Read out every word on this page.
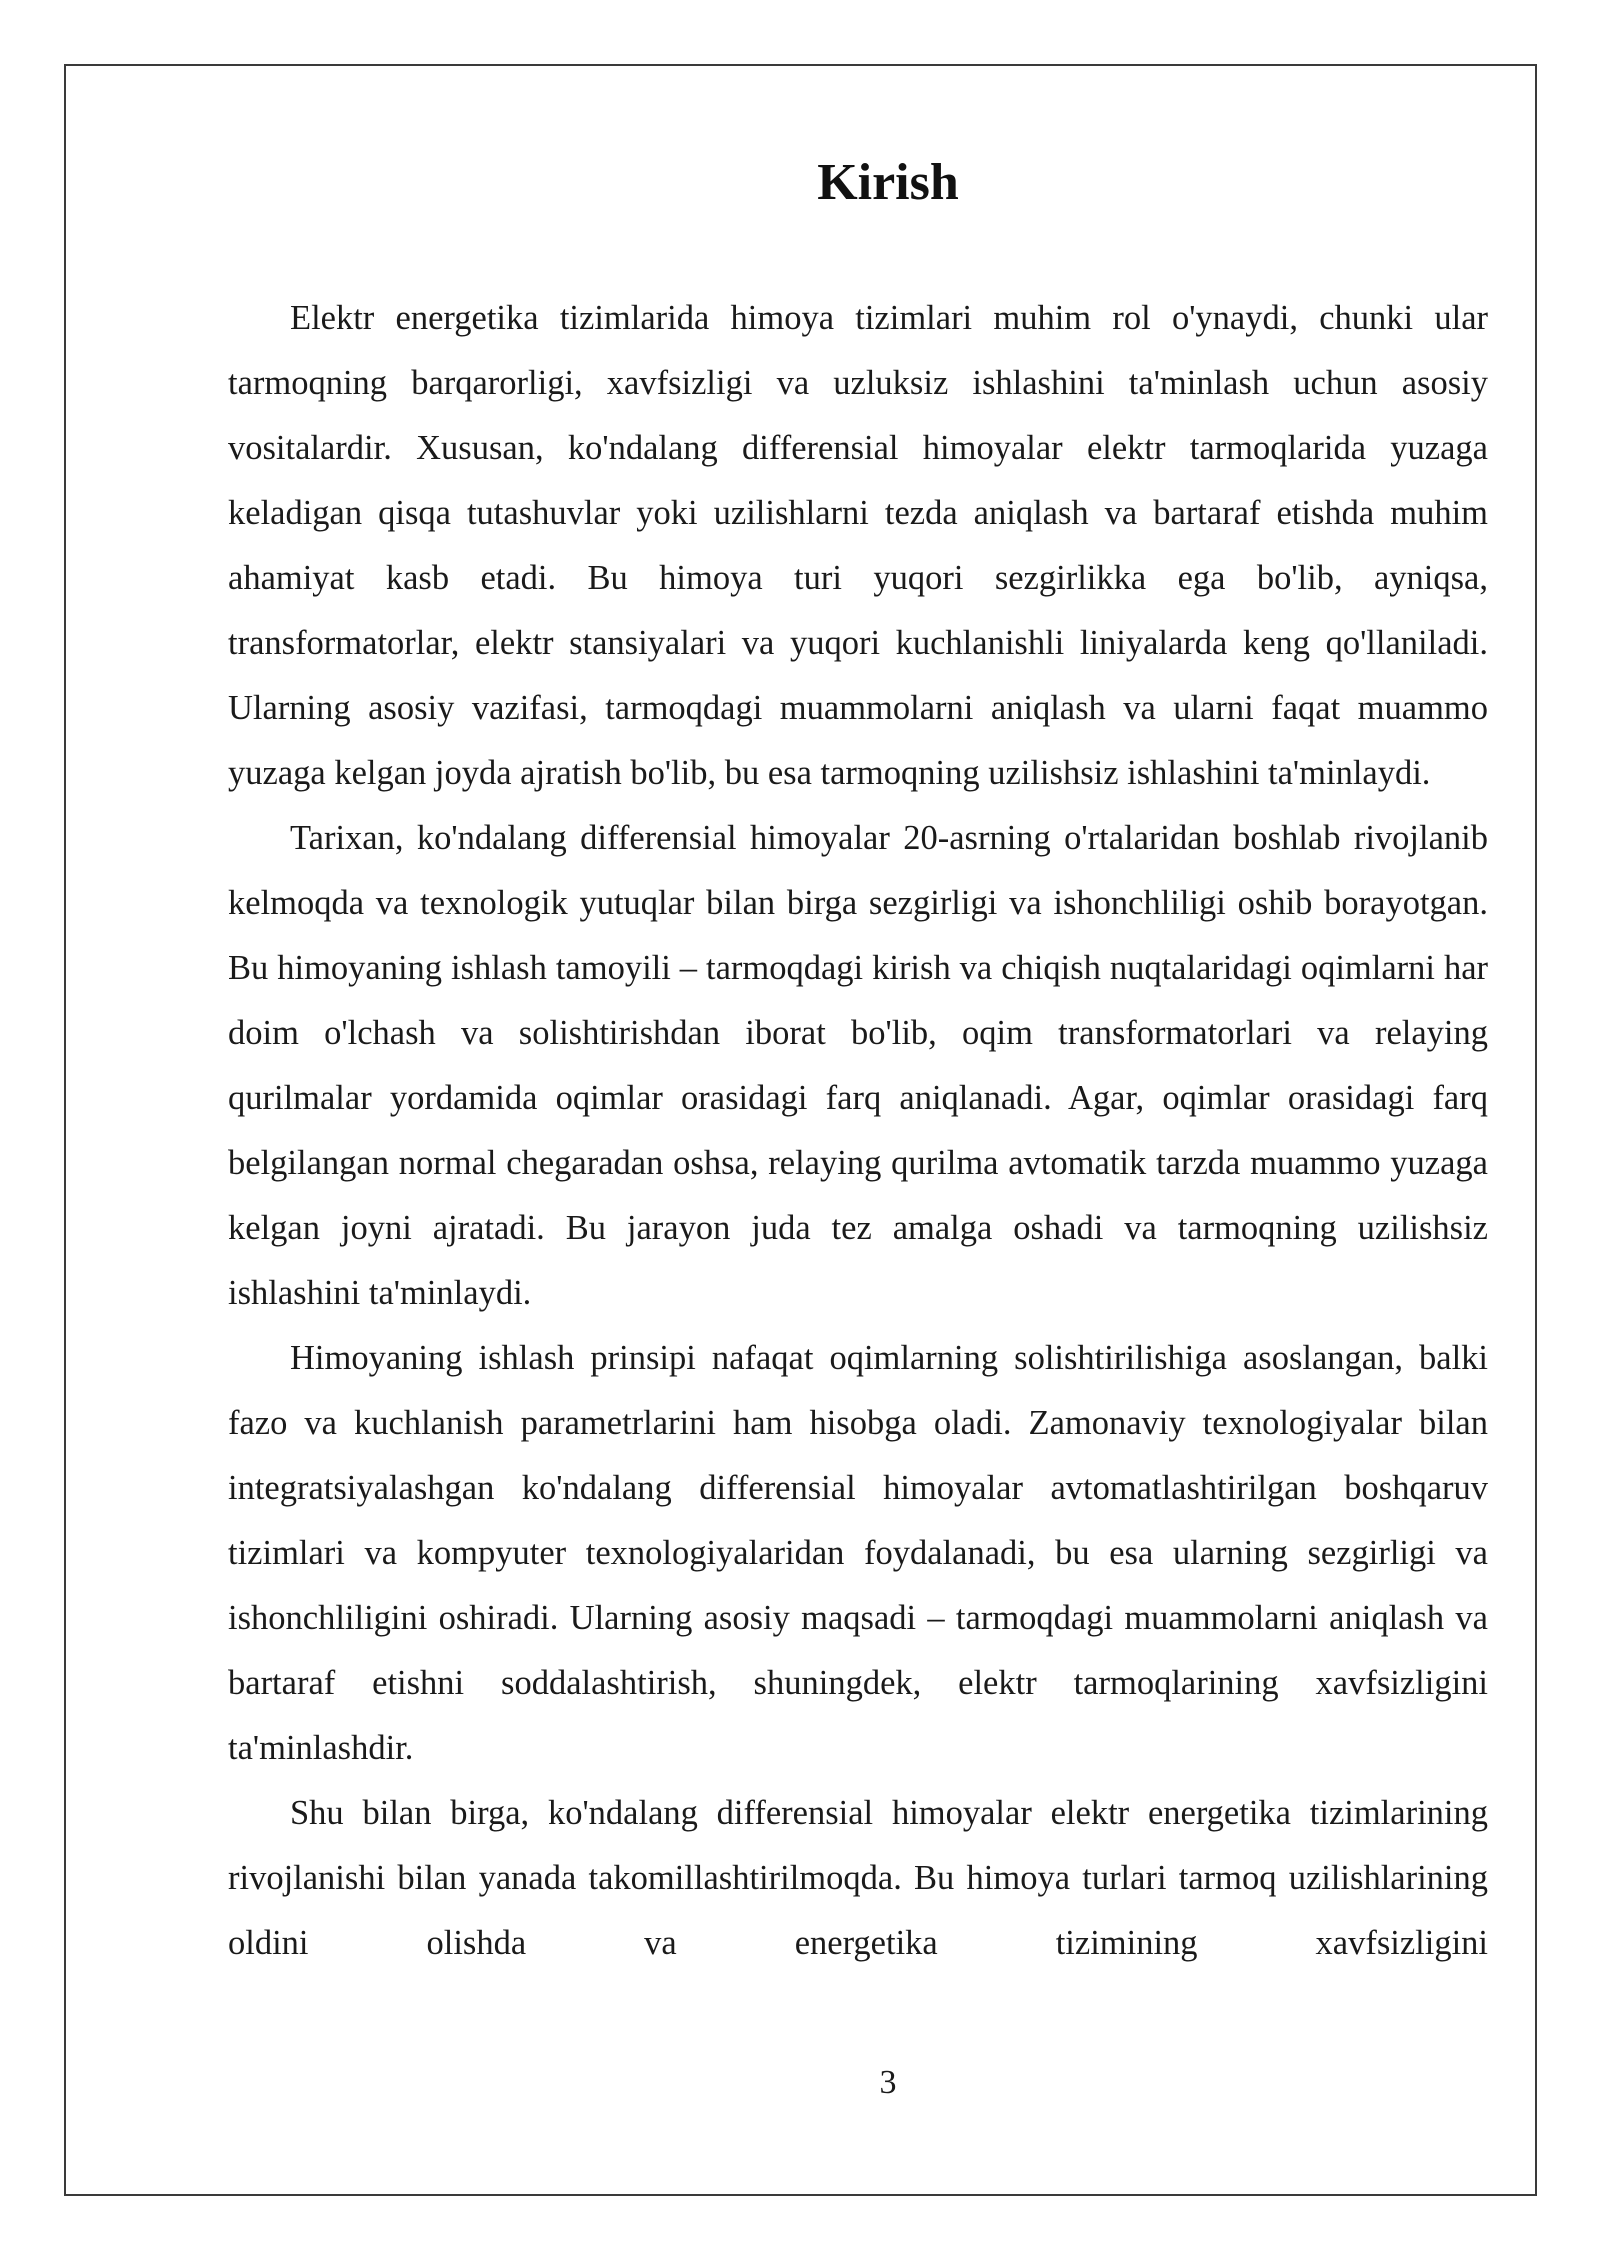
Kirish

Elektr energetika tizimlarida himoya tizimlari muhim rol o'ynaydi, chunki ular tarmoqning barqarorligi, xavfsizligi va uzluksiz ishlashini ta'minlash uchun asosiy vositalardir. Xususan, ko'ndalang differensial himoyalar elektr tarmoqlarida yuzaga keladigan qisqa tutashuvlar yoki uzilishlarni tezda aniqlash va bartaraf etishda muhim ahamiyat kasb etadi. Bu himoya turi yuqori sezgirlikka ega bo'lib, ayniqsa, transformatorlar, elektr stansiyalari va yuqori kuchlanishli liniyalarda keng qo'llaniladi. Ularning asosiy vazifasi, tarmoqdagi muammolarni aniqlash va ularni faqat muammo yuzaga kelgan joyda ajratish bo'lib, bu esa tarmoqning uzilishsiz ishlashini ta'minlaydi.

Tarixan, ko'ndalang differensial himoyalar 20-asrning o'rtalaridan boshlab rivojlanib kelmoqda va texnologik yutuqlar bilan birga sezgirligi va ishonchliligi oshib borayotgan. Bu himoyaning ishlash tamoyili – tarmoqdagi kirish va chiqish nuqtalaridagi oqimlarni har doim o'lchash va solishtirishdan iborat bo'lib, oqim transformatorlari va relaying qurilmalar yordamida oqimlar orasidagi farq aniqlanadi. Agar, oqimlar orasidagi farq belgilangan normal chegaradan oshsa, relaying qurilma avtomatik tarzda muammo yuzaga kelgan joyni ajratadi. Bu jarayon juda tez amalga oshadi va tarmoqning uzilishsiz ishlashini ta'minlaydi.

Himoyaning ishlash prinsipi nafaqat oqimlarning solishtirilishiga asoslangan, balki fazo va kuchlanish parametrlarini ham hisobga oladi. Zamonaviy texnologiyalar bilan integratsiyalashgan ko'ndalang differensial himoyalar avtomatlashtirilgan boshqaruv tizimlari va kompyuter texnologiyalaridan foydalanadi, bu esa ularning sezgirligi va ishonchliligini oshiradi. Ularning asosiy maqsadi – tarmoqdagi muammolarni aniqlash va bartaraf etishni soddalashtirish, shuningdek, elektr tarmoqlarining xavfsizligini ta'minlashdir.

Shu bilan birga, ko'ndalang differensial himoyalar elektr energetika tizimlarining rivojlanishi bilan yanada takomillashtirilmoqda. Bu himoya turlari tarmoq uzilishlarining oldini olishda va energetika tizimining xavfsizligini

3
